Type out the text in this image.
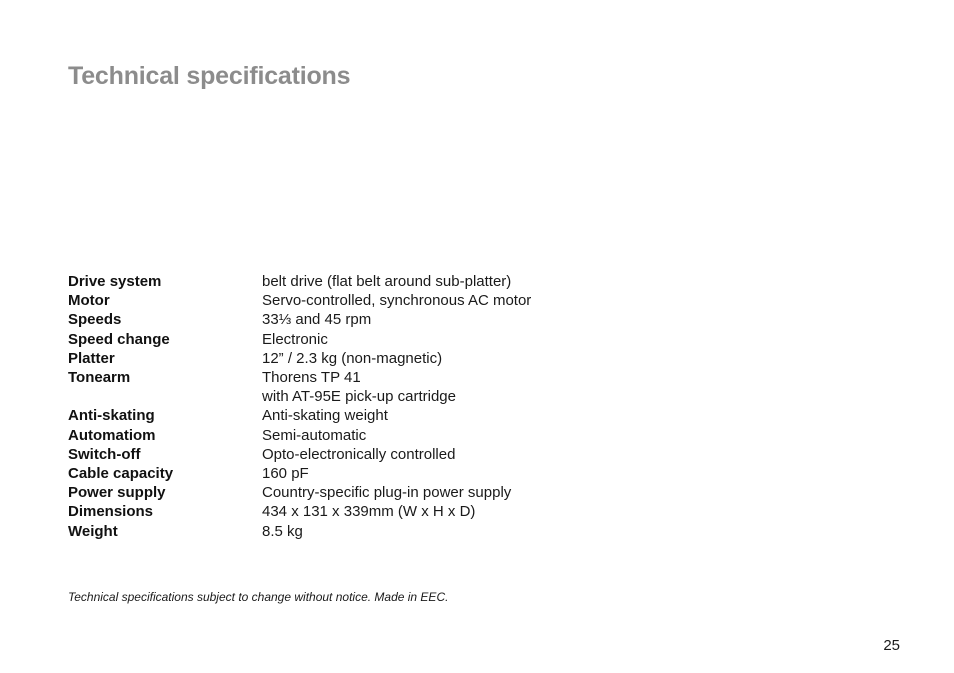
Technical specifications
Drive system	belt drive (flat belt around sub-platter)
Motor	Servo-controlled, synchronous AC motor
Speeds	33⅓ and 45 rpm
Speed change	Electronic
Platter	12” / 2.3 kg (non-magnetic)
Tonearm	Thorens TP 41
with AT-95E pick-up cartridge
Anti-skating	Anti-skating weight
Automatiom	Semi-automatic
Switch-off	Opto-electronically controlled
Cable capacity	160 pF
Power supply	Country-specific plug-in power supply
Dimensions	434 x 131 x 339mm (W x H x D)
Weight	8.5 kg
Technical specifications subject to change without notice. Made in EEC.
25
